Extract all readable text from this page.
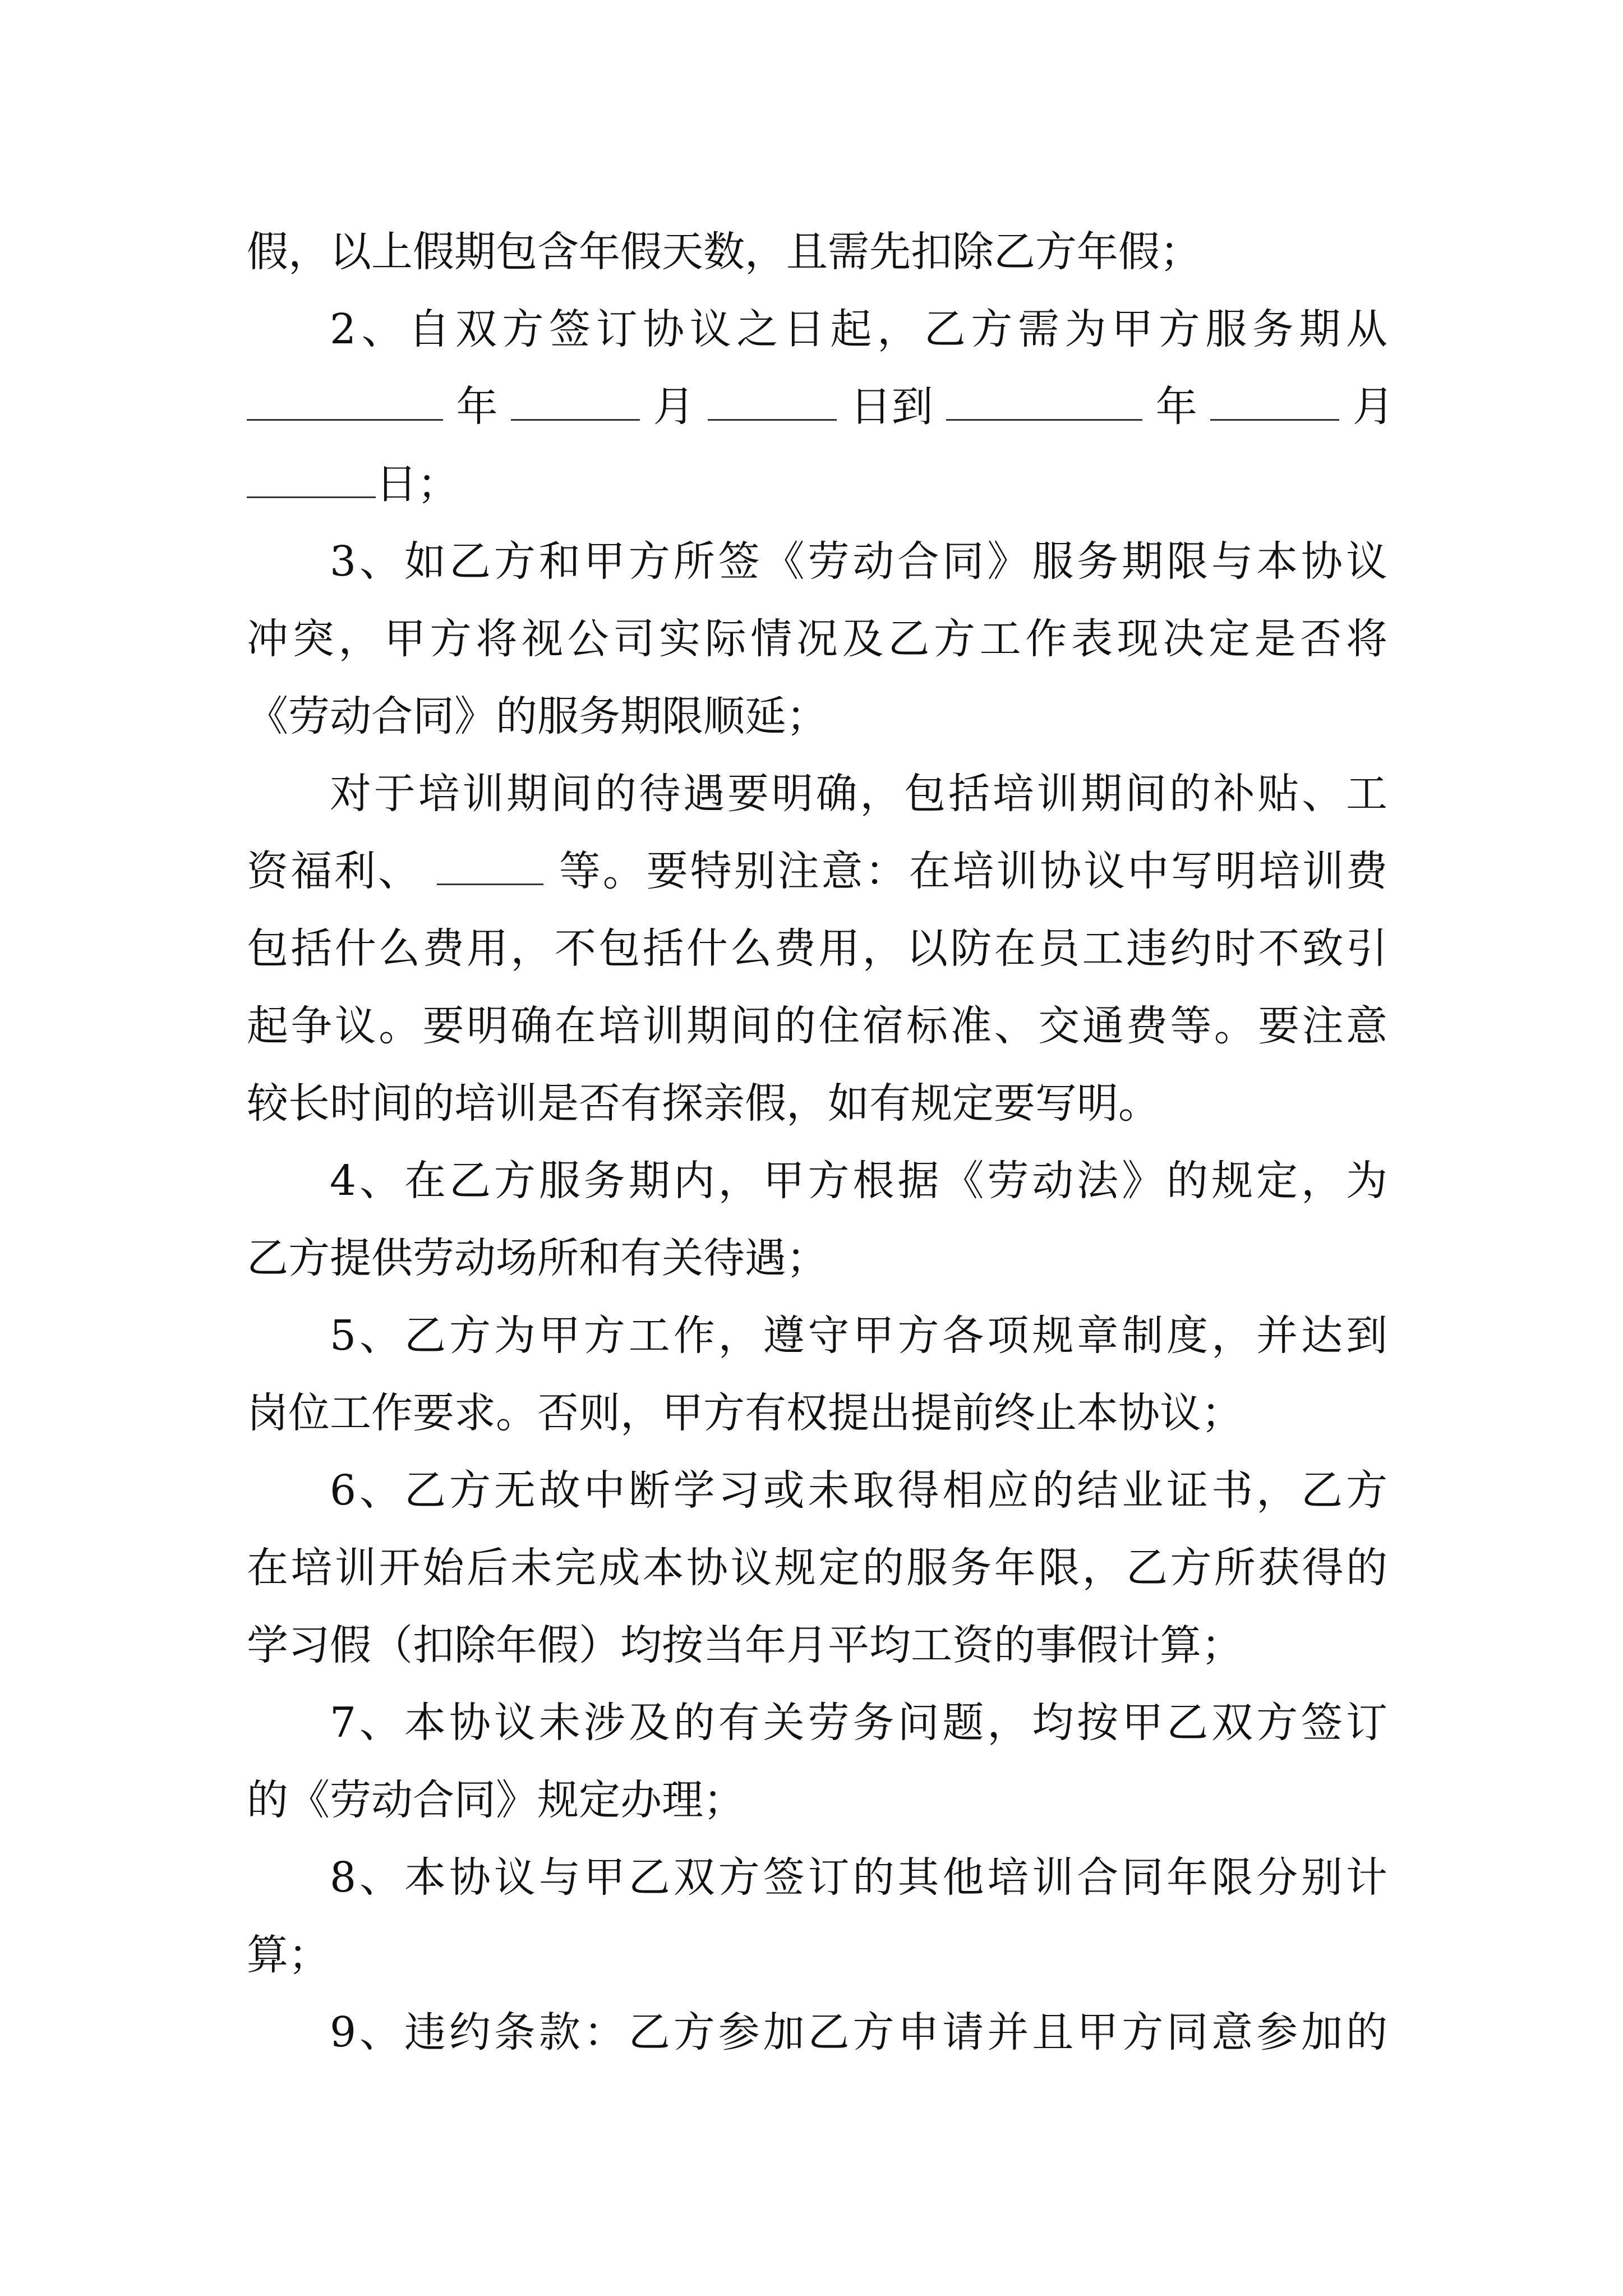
假，以上假期包含年假天数，且需先扣除乙方年假；
2、自双方签订协议之日起，乙方需为甲方服务期从
年	月	日到	年	月
日；
3、如乙方和甲方所签《劳动合同》服务期限与本协议
冲突，甲方将视公司实际情况及乙方工作表现决定是否将
《劳动合同》的服务期限顺延；
对于培训期间的待遇要明确，包括培训期间的补贴、工
资福利、	等。要特别注意：在培训协议中写明培训费
包括什么费用，不包括什么费用，以防在员工违约时不致引
起争议。要明确在培训期间的住宿标准、交通费等。要注意
较长时间的培训是否有探亲假，如有规定要写明。
4、在乙方服务期内，甲方根据《劳动法》的规定，为
乙方提供劳动场所和有关待遇；
5、乙方为甲方工作，遵守甲方各项规章制度，并达到
岗位工作要求。否则，甲方有权提出提前终止本协议；
6、乙方无故中断学习或未取得相应的结业证书，乙方
在培训开始后未完成本协议规定的服务年限，乙方所获得的
学习假（扣除年假）均按当年月平均工资的事假计算；
7、本协议未涉及的有关劳务问题，均按甲乙双方签订
的《劳动合同》规定办理；
8、本协议与甲乙双方签订的其他培训合同年限分别计
算；
9、违约条款：乙方参加乙方申请并且甲方同意参加的
